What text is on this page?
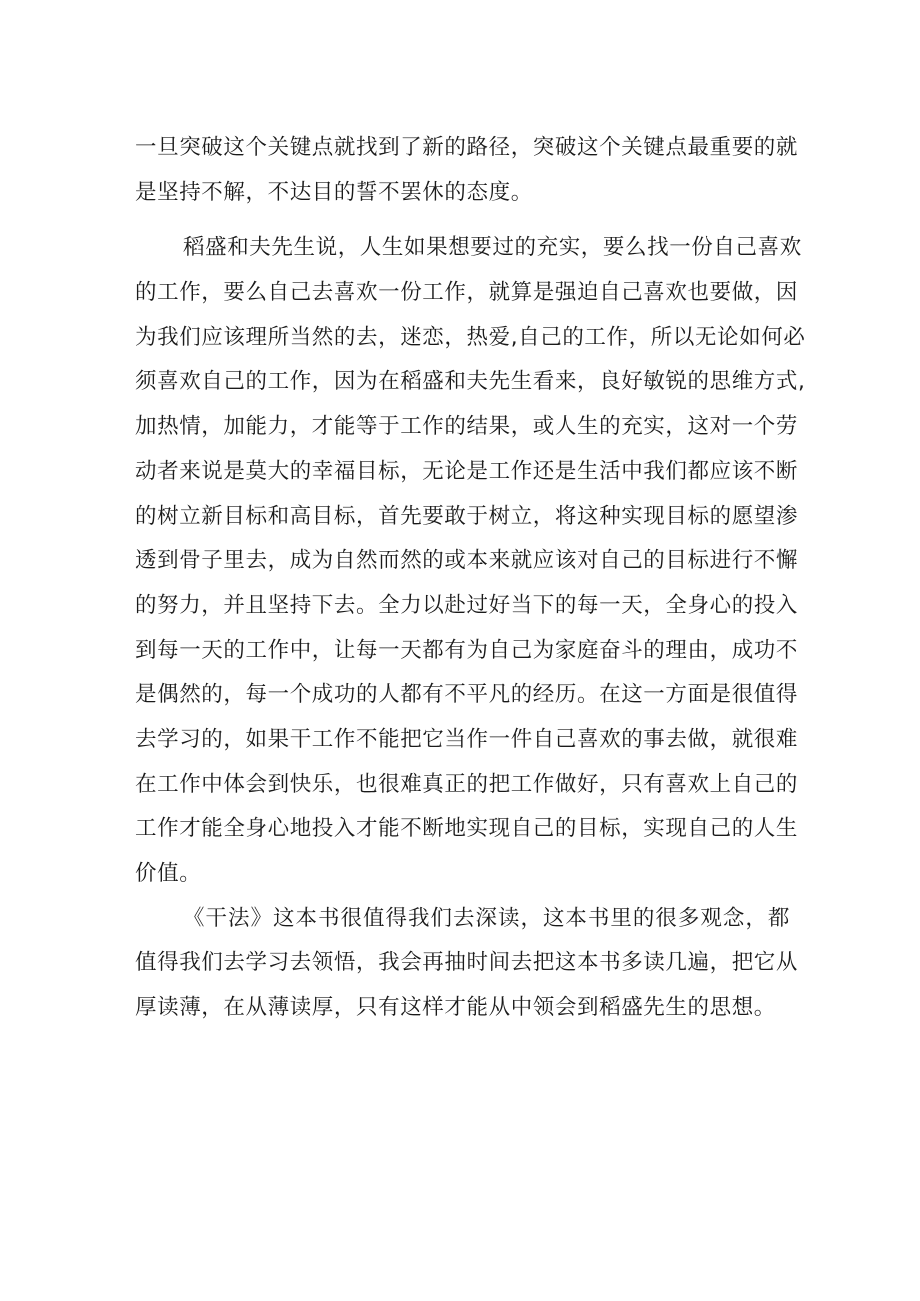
一旦突破这个关键点就找到了新的路径，突破这个关键点最重要的就
是坚持不解，不达目的誓不罢休的态度。
稻盛和夫先生说，人生如果想要过的充实，要么找一份自己喜欢
的工作，要么自己去喜欢一份工作，就算是强迫自己喜欢也要做，因
为我们应该理所当然的去，迷恋，热爱,自己的工作，所以无论如何必
须喜欢自己的工作，因为在稻盛和夫先生看来，良好敏锐的思维方式,
加热情，加能力，才能等于工作的结果，或人生的充实，这对一个劳
动者来说是莫大的幸福目标，无论是工作还是生活中我们都应该不断
的树立新目标和高目标，首先要敢于树立，将这种实现目标的愿望渗
透到骨子里去，成为自然而然的或本来就应该对自己的目标进行不懈
的努力，并且坚持下去。全力以赴过好当下的每一天，全身心的投入
到每一天的工作中，让每一天都有为自己为家庭奋斗的理由，成功不
是偶然的，每一个成功的人都有不平凡的经历。在这一方面是很值得
去学习的，如果干工作不能把它当作一件自己喜欢的事去做，就很难
在工作中体会到快乐，也很难真正的把工作做好，只有喜欢上自己的
工作才能全身心地投入才能不断地实现自己的目标，实现自己的人生
价值。
《干法》这本书很值得我们去深读，这本书里的很多观念，都
值得我们去学习去领悟，我会再抽时间去把这本书多读几遍，把它从
厚读薄，在从薄读厚，只有这样才能从中领会到稻盛先生的思想。
